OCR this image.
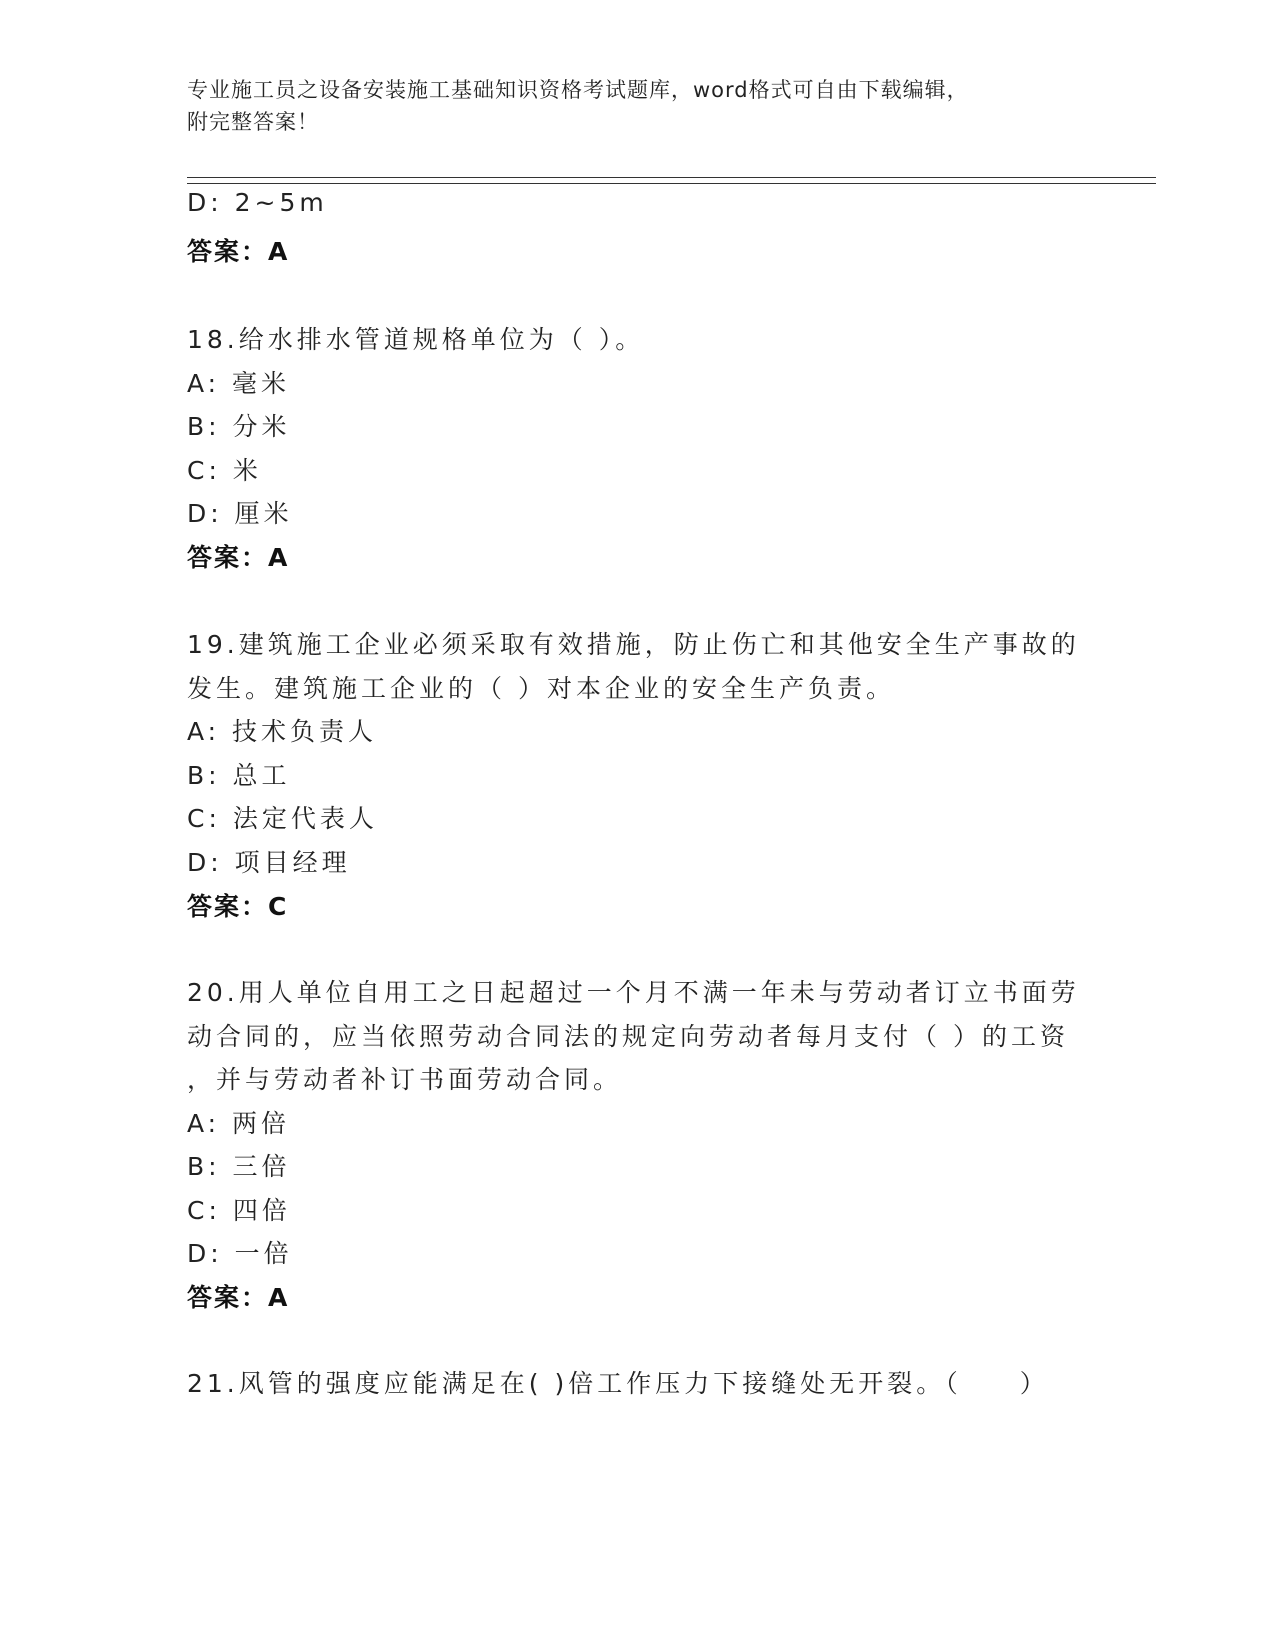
专业施工员之设备安装施工基础知识资格考试题库，word格式可自由下载编辑，
附完整答案！
D: 2~5m
答案：A
18.给水排水管道规格单位为（ ）。
A: 毫米
B: 分米
C: 米
D: 厘米
答案：A
19.建筑施工企业必须采取有效措施，防止伤亡和其他安全生产事故的
发生。建筑施工企业的（ ）对本企业的安全生产负责。
A: 技术负责人
B: 总工
C: 法定代表人
D: 项目经理
答案：C
20.用人单位自用工之日起超过一个月不满一年未与劳动者订立书面劳
动合同的，应当依照劳动合同法的规定向劳动者每月支付（ ）的工资
，并与劳动者补订书面劳动合同。
A: 两倍
B: 三倍
C: 四倍
D: 一倍
答案：A
21.风管的强度应能满足在( )倍工作压力下接缝处无开裂。（　　）
